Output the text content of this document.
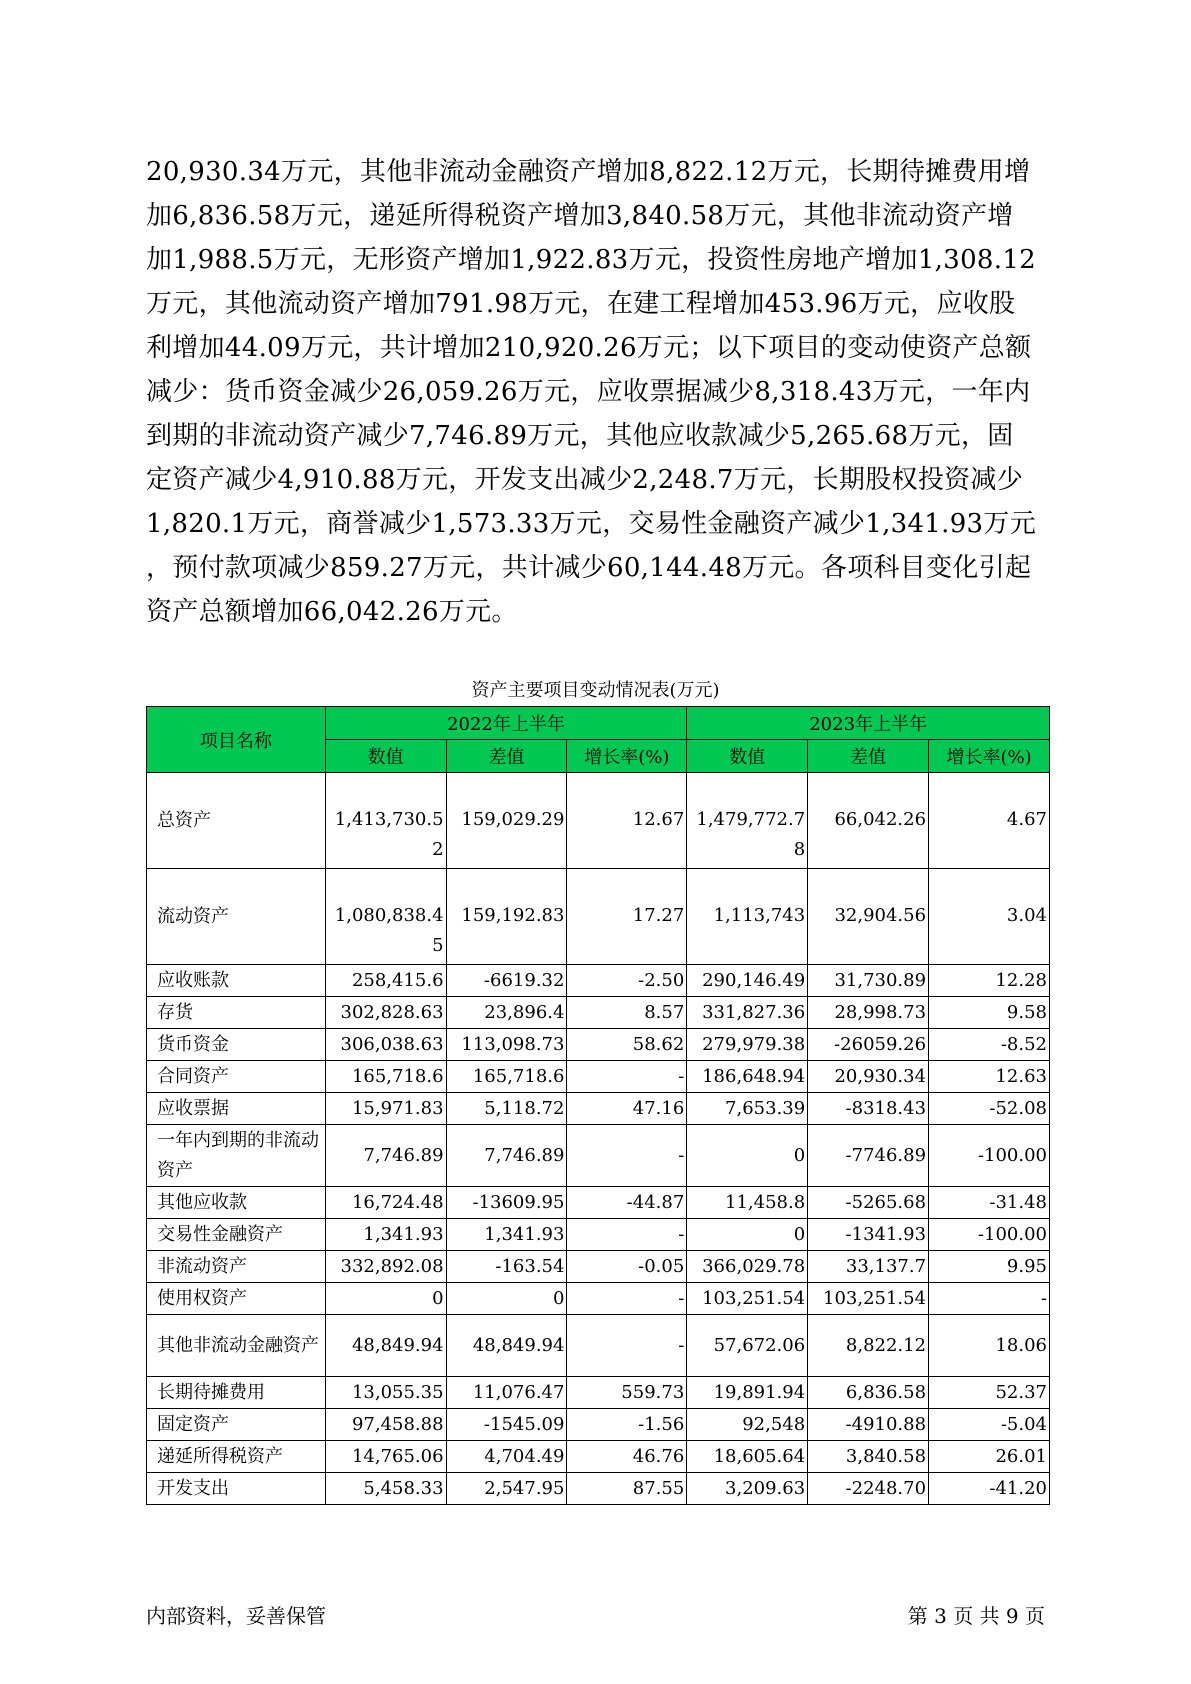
20,930.34万元，其他非流动金融资产增加8,822.12万元，长期待摊费用增
加6,836.58万元，递延所得税资产增加3,840.58万元，其他非流动资产增
加1,988.5万元，无形资产增加1,922.83万元，投资性房地产增加1,308.12
万元，其他流动资产增加791.98万元，在建工程增加453.96万元，应收股
利增加44.09万元，共计增加210,920.26万元；以下项目的变动使资产总额
减少：货币资金减少26,059.26万元，应收票据减少8,318.43万元，一年内
到期的非流动资产减少7,746.89万元，其他应收款减少5,265.68万元，固
定资产减少4,910.88万元，开发支出减少2,248.7万元，长期股权投资减少
1,820.1万元，商誉减少1,573.33万元，交易性金融资产减少1,341.93万元
，预付款项减少859.27万元，共计减少60,144.48万元。各项科目变化引起
资产总额增加66,042.26万元。
资产主要项目变动情况表(万元)
项目名称	2022年上半年			2023年上半年		
	数值	差值	增长率(%)	数值	差值	增长率(%)
总资产	1,413,730.52	159,029.29	12.67	1,479,772.78	66,042.26	4.67
流动资产	1,080,838.45	159,192.83	17.27	1,113,743	32,904.56	3.04
应收账款	258,415.6	-6619.32	-2.50	290,146.49	31,730.89	12.28
存货	302,828.63	23,896.4	8.57	331,827.36	28,998.73	9.58
货币资金	306,038.63	113,098.73	58.62	279,979.38	-26059.26	-8.52
合同资产	165,718.6	165,718.6	-	186,648.94	20,930.34	12.63
应收票据	15,971.83	5,118.72	47.16	7,653.39	-8318.43	-52.08
一年内到期的非流动资产	7,746.89	7,746.89	-	0	-7746.89	-100.00
其他应收款	16,724.48	-13609.95	-44.87	11,458.8	-5265.68	-31.48
交易性金融资产	1,341.93	1,341.93	-	0	-1341.93	-100.00
非流动资产	332,892.08	-163.54	-0.05	366,029.78	33,137.7	9.95
使用权资产	0	0	-	103,251.54	103,251.54	-
其他非流动金融资产	48,849.94	48,849.94	-	57,672.06	8,822.12	18.06
长期待摊费用	13,055.35	11,076.47	559.73	19,891.94	6,836.58	52.37
固定资产	97,458.88	-1545.09	-1.56	92,548	-4910.88	-5.04
递延所得税资产	14,765.06	4,704.49	46.76	18,605.64	3,840.58	26.01
开发支出	5,458.33	2,547.95	87.55	3,209.63	-2248.70	-41.20
内部资料，妥善保管	第 3 页 共 9 页
